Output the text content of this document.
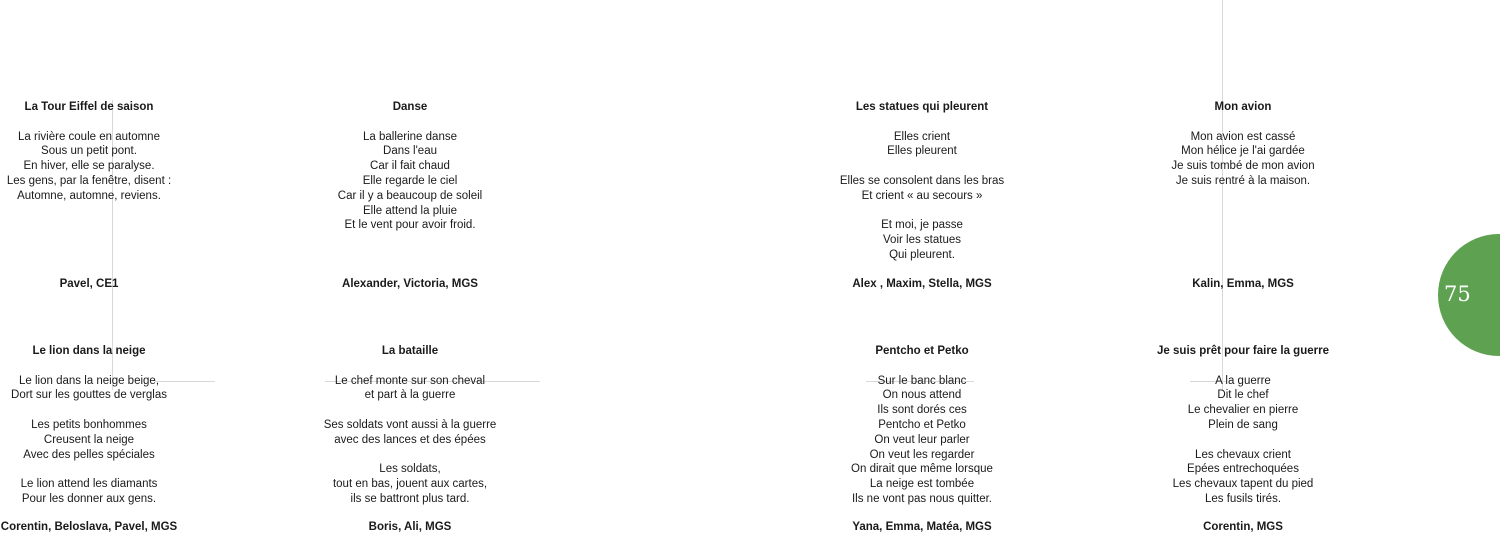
La Tour Eiffel de saison
La rivière coule en automne
Sous un petit pont.
En hiver, elle se paralyse.
Les gens, par la fenêtre, disent :
Automne, automne, reviens.
Pavel, CE1
Danse
La ballerine danse
Dans l'eau
Car il fait chaud
Elle regarde le ciel
Car il y a beaucoup de soleil
Elle attend la pluie
Et le vent pour avoir froid.
Alexander, Victoria, MGS
Les statues qui pleurent
Elles crient
Elles pleurent
Elles se consolent dans les bras
Et crient « au secours »
Et moi, je passe
Voir les statues
Qui pleurent.
Alex , Maxim, Stella, MGS
Mon avion
Mon avion est cassé
Mon hélice je l'ai gardée
Je suis tombé de mon avion
Je suis rentré à la maison.
Kalin, Emma, MGS
Le lion dans la neige
Le lion dans la neige beige,
Dort sur les gouttes de verglas
Les petits bonhommes
Creusent la neige
Avec des pelles spéciales
Le lion attend les diamants
Pour les donner aux gens.
Corentin, Beloslava, Pavel, MGS
La bataille
Le chef monte sur son cheval
et part à la guerre
Ses soldats vont aussi à la guerre
avec des lances et des épées
Les soldats,
tout en bas, jouent aux cartes,
ils se battront plus tard.
Boris, Ali, MGS
Pentcho et Petko
Sur le banc blanc
On nous attend
Ils sont dorés ces
Pentcho et Petko
On veut leur parler
On veut les regarder
On dirait que même lorsque
La neige est tombée
Ils ne vont pas nous quitter.
Yana, Emma, Matéa, MGS
Je suis prêt pour faire la guerre
A la guerre
Dit le chef
Le chevalier en pierre
Plein de sang
Les chevaux crient
Epées entrechoquées
Les chevaux tapent du pied
Les fusils tirés.
Corentin, MGS
75
